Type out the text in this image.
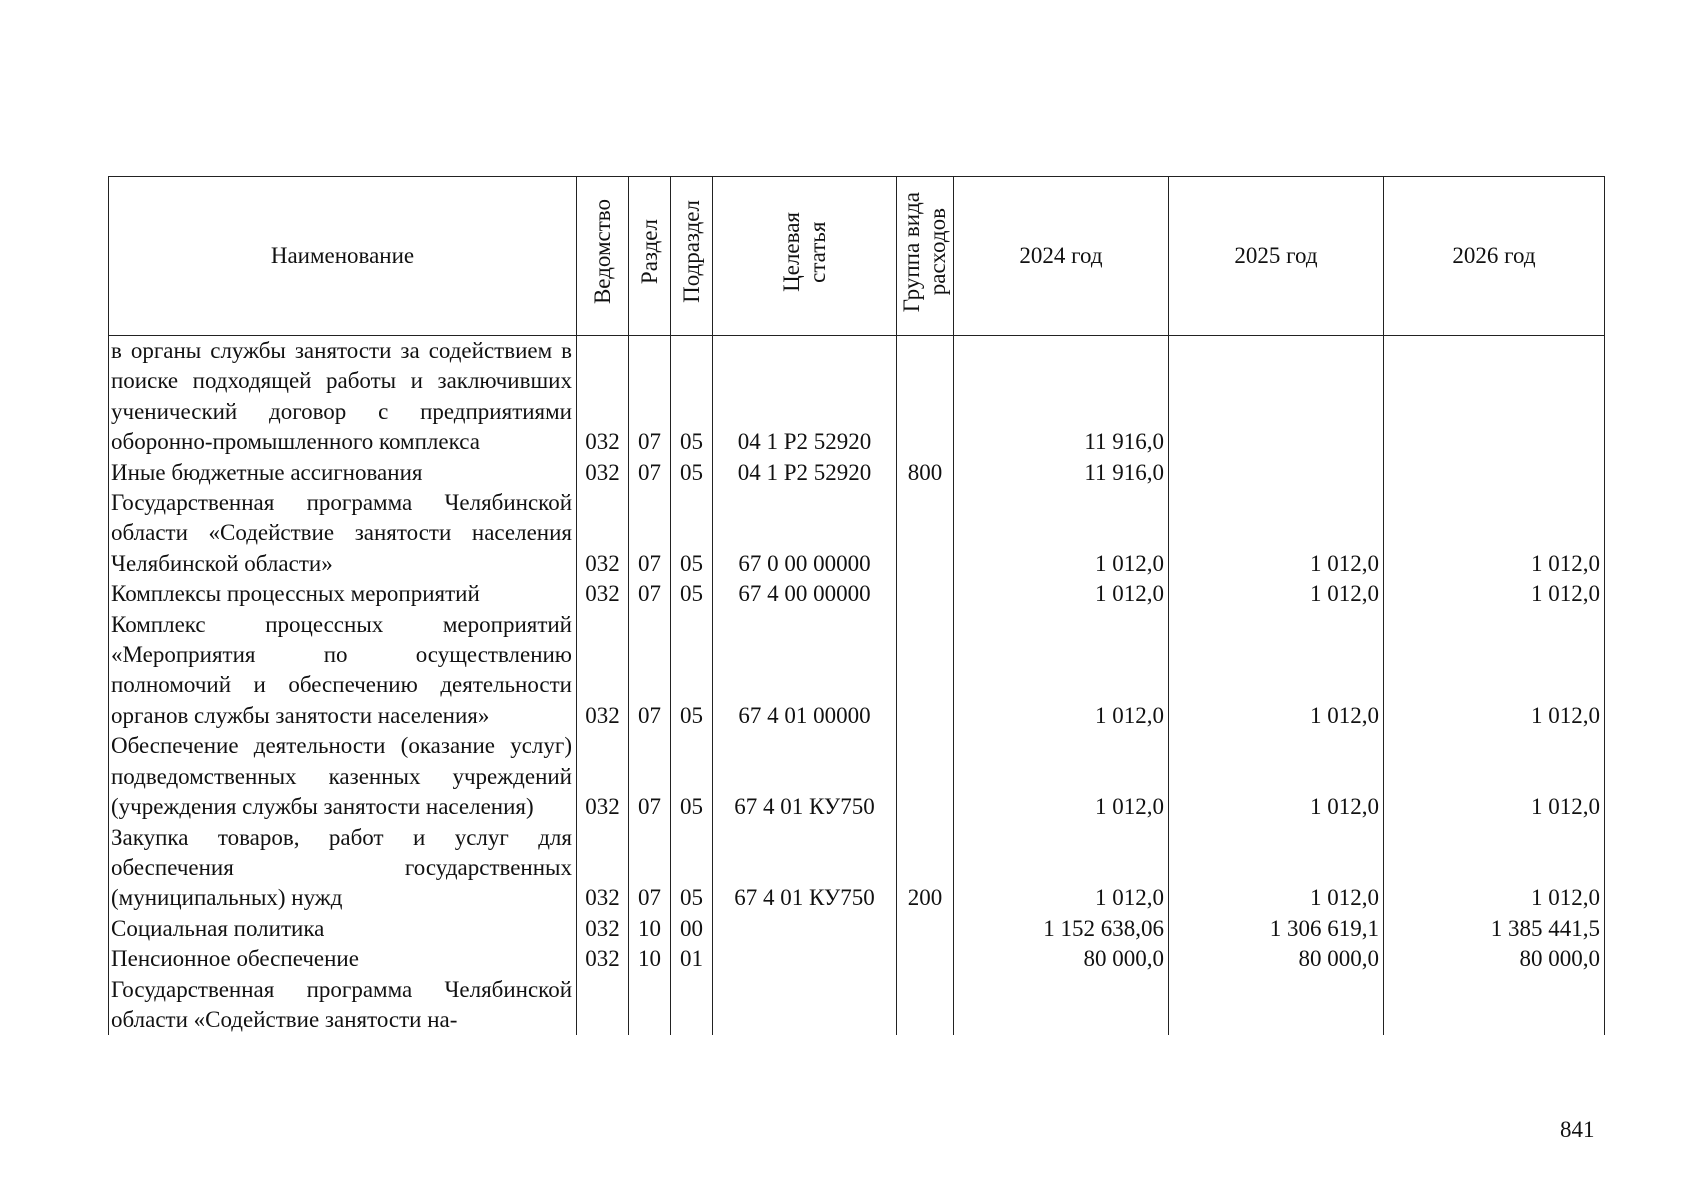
Наименование	Ведомство	Раздел	Подраздел	Целевая статья	Группа вида расходов	2024 год	2025 год	2026 год
в органы службы занятости за содействием в поиске подходящей работы и заключивших ученический договор с предприятиями оборонно-промышленного комплекса	032	07	05	04 1 Р2 52920		11 916,0		
Иные бюджетные ассигнования	032	07	05	04 1 Р2 52920	800	11 916,0		
Государственная программа Челябинской области «Содействие занятости населения Челябинской области»	032	07	05	67 0 00 00000		1 012,0	1 012,0	1 012,0
Комплексы процессных мероприятий	032	07	05	67 4 00 00000		1 012,0	1 012,0	1 012,0
Комплекс процессных мероприятий «Мероприятия по осуществлению полномочий и обеспечению деятельности органов службы занятости населения»	032	07	05	67 4 01 00000		1 012,0	1 012,0	1 012,0
Обеспечение деятельности (оказание услуг) подведомственных казенных учреждений (учреждения службы занятости населения)	032	07	05	67 4 01 КУ750		1 012,0	1 012,0	1 012,0
Закупка товаров, работ и услуг для обеспечения государственных (муниципальных) нужд	032	07	05	67 4 01 КУ750	200	1 012,0	1 012,0	1 012,0
Социальная политика	032	10	00			1 152 638,06	1 306 619,1	1 385 441,5
Пенсионное обеспечение	032	10	01			80 000,0	80 000,0	80 000,0
Государственная программа Челябинской области «Содействие занятости на-								
841
